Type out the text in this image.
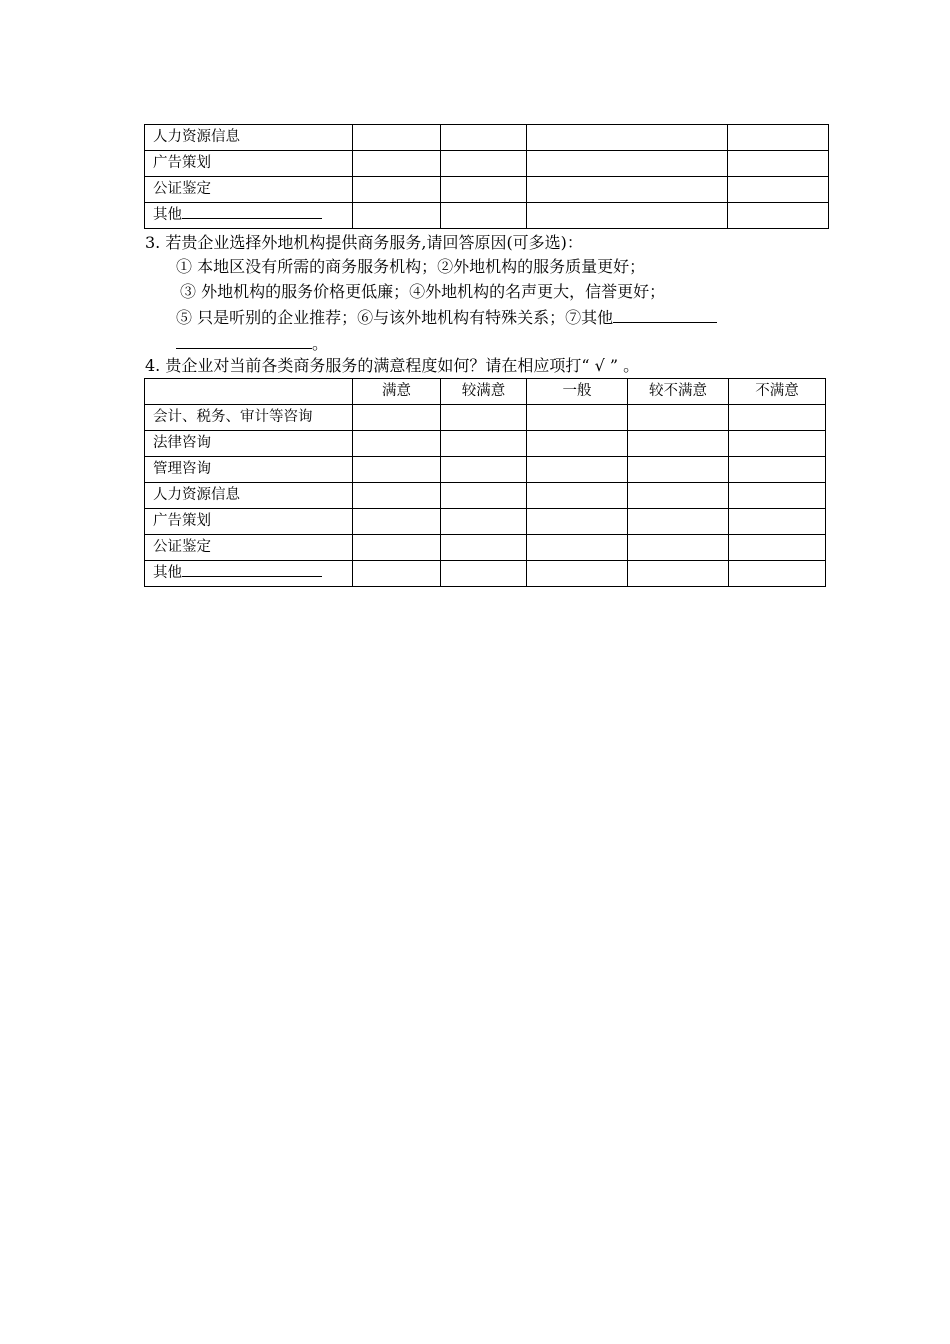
人力资源信息				
广告策划				
公证鉴定				
其他				
3. 若贵企业选择外地机构提供商务服务,请回答原因(可多选)：
① 本地区没有所需的商务服务机构；②外地机构的服务质量更好；
③ 外地机构的服务价格更低廉；④外地机构的名声更大，信誉更好；
⑤ 只是听别的企业推荐；⑥与该外地机构有特殊关系；⑦其他
。
4. 贵企业对当前各类商务服务的满意程度如何？请在相应项打“ √ ” 。
	满意	较满意	一般	较不满意	不满意
会计、税务、审计等咨询					
法律咨询					
管理咨询					
人力资源信息					
广告策划					
公证鉴定					
其他					
